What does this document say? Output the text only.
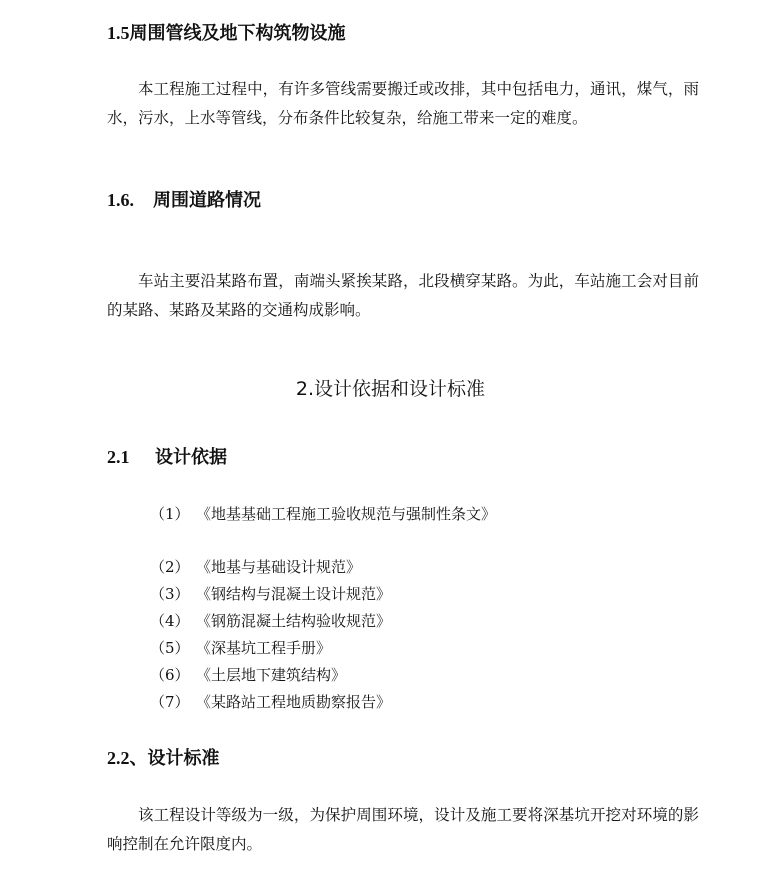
1.5周围管线及地下构筑物设施

本工程施工过程中，有许多管线需要搬迁或改排，其中包括电力，通讯，煤气，雨水，污水，上水等管线，分布条件比较复杂，给施工带来一定的难度。　　　　　　　　　　　　　　　　

1.6. 周围道路情况

车站主要沿某路布置，南端头紧挨某路，北段横穿某路。为此，车站施工会对目前的某路、某路及某路的交通构成影响。

2.设计依据和设计标准
2.1 设计依据

（1） 《地基基础工程施工验收规范与强制性条文》

（2） 《地基与基础设计规范》

（3） 《钢结构与混凝土设计规范》

（4） 《钢筋混凝土结构验收规范》

（5） 《深基坑工程手册》

（6） 《土层地下建筑结构》

（7） 《某路站工程地质勘察报告》

2.2、设计标准

该工程设计等级为一级，为保护周围环境，设计及施工要将深基坑开挖对环境的影响控制在允许限度内。
